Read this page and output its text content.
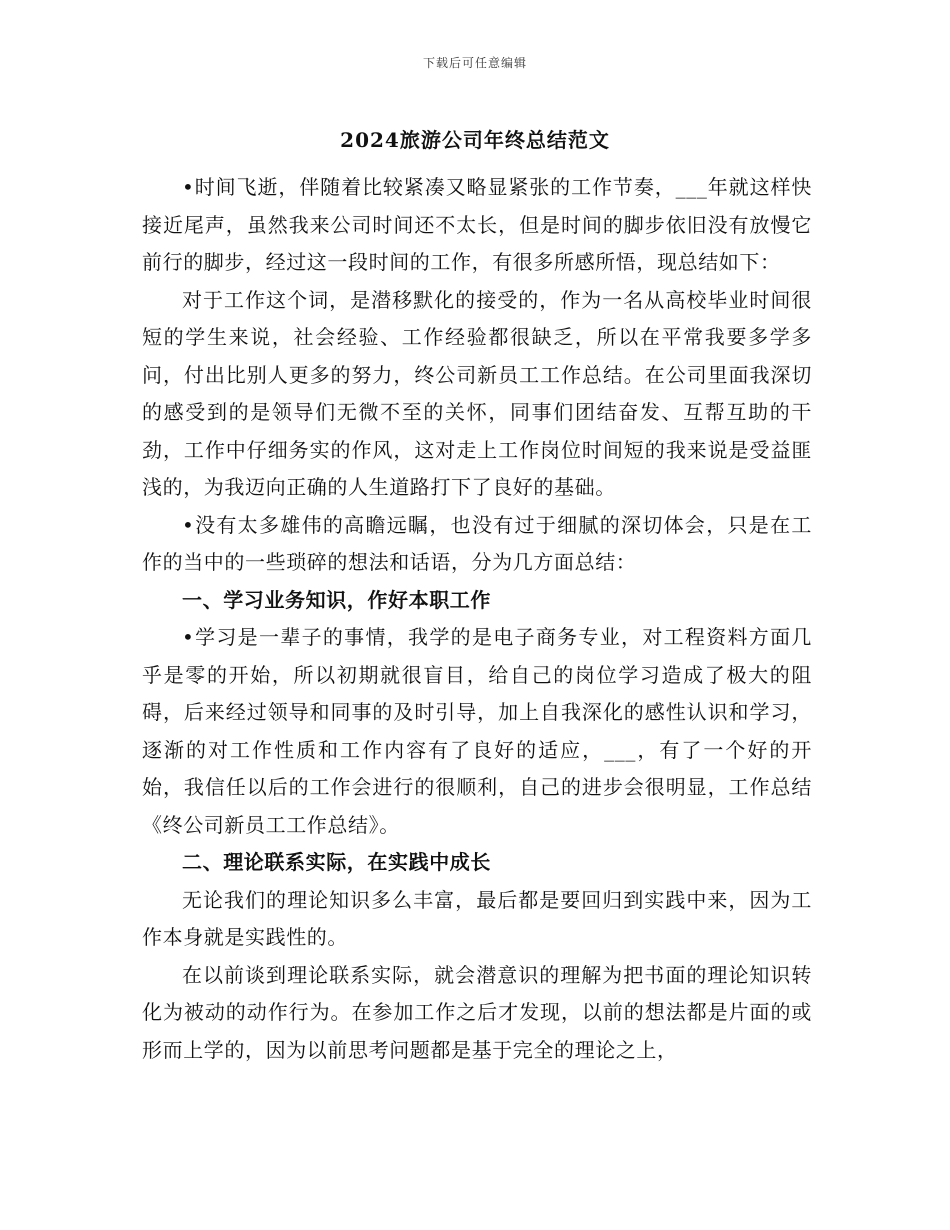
下载后可任意编辑
2024旅游公司年终总结范文

•时间飞逝，伴随着比较紧凑又略显紧张的工作节奏，___年就这样快接近尾声，虽然我来公司时间还不太长，但是时间的脚步依旧没有放慢它前行的脚步，经过这一段时间的工作，有很多所感所悟，现总结如下：

对于工作这个词，是潜移默化的接受的，作为一名从高校毕业时间很短的学生来说，社会经验、工作经验都很缺乏，所以在平常我要多学多问，付出比别人更多的努力，终公司新员工工作总结。在公司里面我深切的感受到的是领导们无微不至的关怀，同事们团结奋发、互帮互助的干劲，工作中仔细务实的作风，这对走上工作岗位时间短的我来说是受益匪浅的，为我迈向正确的人生道路打下了良好的基础。

•没有太多雄伟的高瞻远瞩，也没有过于细腻的深切体会，只是在工作的当中的一些琐碎的想法和话语，分为几方面总结：

一、学习业务知识，作好本职工作

•学习是一辈子的事情，我学的是电子商务专业，对工程资料方面几乎是零的开始，所以初期就很盲目，给自己的岗位学习造成了极大的阻碍，后来经过领导和同事的及时引导，加上自我深化的感性认识和学习，逐渐的对工作性质和工作内容有了良好的适应，___，有了一个好的开始，我信任以后的工作会进行的很顺利，自己的进步会很明显，工作总结《终公司新员工工作总结》。

二、理论联系实际，在实践中成长

无论我们的理论知识多么丰富，最后都是要回归到实践中来，因为工作本身就是实践性的。

在以前谈到理论联系实际，就会潜意识的理解为把书面的理论知识转化为被动的动作行为。在参加工作之后才发现，以前的想法都是片面的或形而上学的，因为以前思考问题都是基于完全的理论之上，
